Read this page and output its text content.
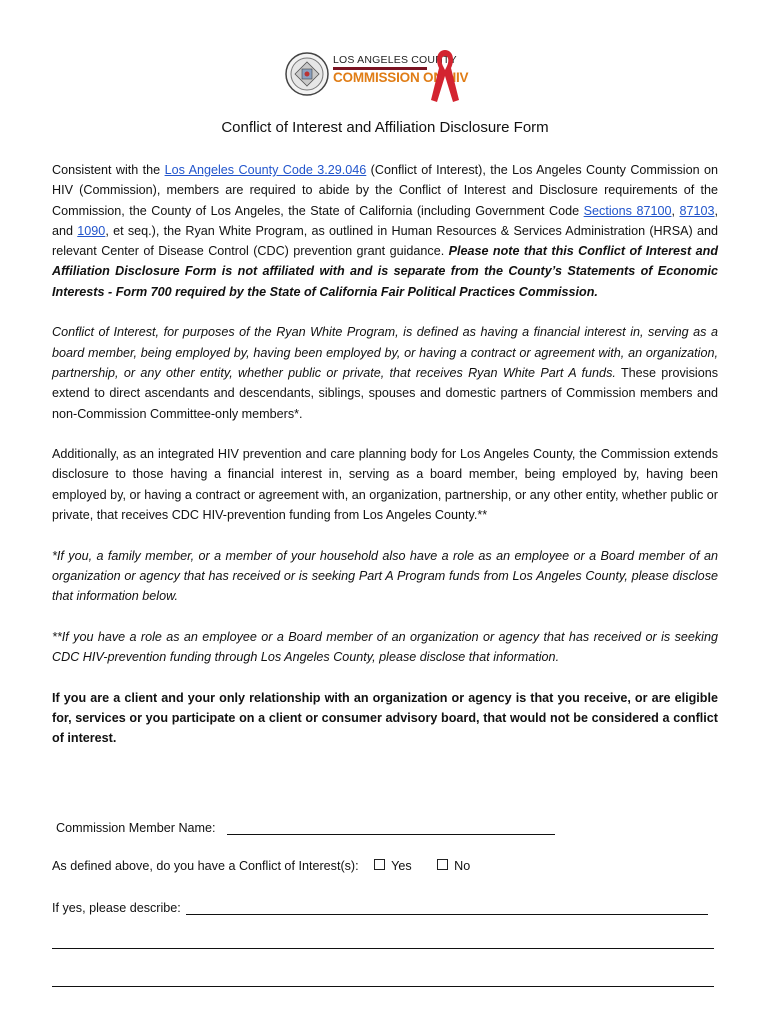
LOS ANGELES COUNTY
COMMISSION ON HIV
Conflict of Interest and Affiliation Disclosure Form

Consistent with the Los Angeles County Code 3.29.046 (Conflict of Interest), the Los Angeles County Commission on HIV (Commission), members are required to abide by the Conflict of Interest and Disclosure requirements of the Commission, the County of Los Angeles, the State of California (including Government Code Sections 87100, 87103, and 1090, et seq.), the Ryan White Program, as outlined in Human Resources & Services Administration (HRSA) and relevant Center of Disease Control (CDC) prevention grant guidance. Please note that this Conflict of Interest and Affiliation Disclosure Form is not affiliated with and is separate from the County’s Statements of Economic Interests - Form 700 required by the State of California Fair Political Practices Commission.

Conflict of Interest, for purposes of the Ryan White Program, is defined as having a financial interest in, serving as a board member, being employed by, having been employed by, or having a contract or agreement with, an organization, partnership, or any other entity, whether public or private, that receives Ryan White Part A funds. These provisions extend to direct ascendants and descendants, siblings, spouses and domestic partners of Commission members and non-Commission Committee-only members*.

Additionally, as an integrated HIV prevention and care planning body for Los Angeles County, the Commission extends disclosure to those having a financial interest in, serving as a board member, being employed by, having been employed by, or having a contract or agreement with, an organization, partnership, or any other entity, whether public or private, that receives CDC HIV-prevention funding from Los Angeles County.**

*If you, a family member, or a member of your household also have a role as an employee or a Board member of an organization or agency that has received or is seeking Part A Program funds from Los Angeles County, please disclose that information below.

**If you have a role as an employee or a Board member of an organization or agency that has received or is seeking CDC HIV-prevention funding through Los Angeles County, please disclose that information.

If you are a client and your only relationship with an organization or agency is that you receive, or are eligible for, services or you participate on a client or consumer advisory board, that would not be considered a conflict of interest.

Commission Member Name:
As defined above, do you have a Conflict of Interest(s):	Yes	No
If yes, please describe:
